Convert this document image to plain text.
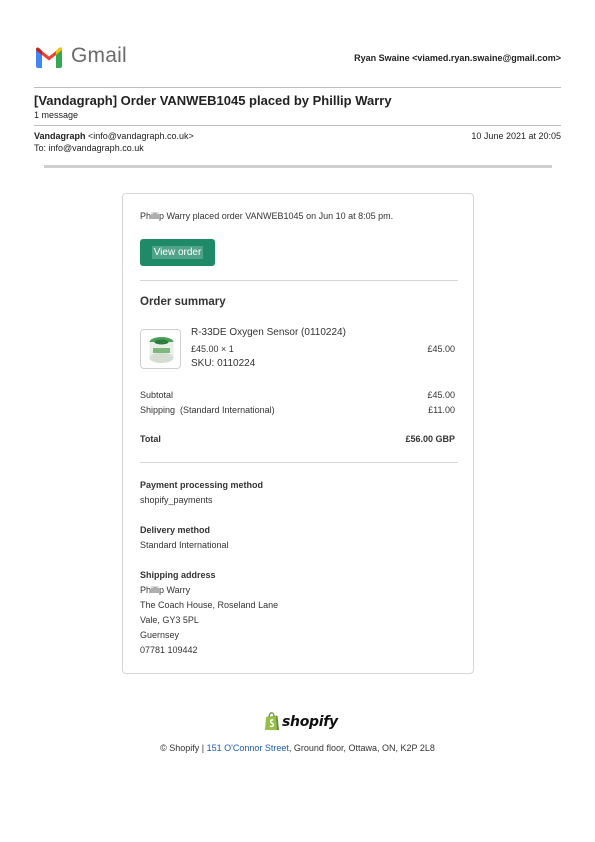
Gmail	Ryan Swaine <viamed.ryan.swaine@gmail.com>
[Vandagraph] Order VANWEB1045 placed by Phillip Warry
1 message
Vandagraph <info@vandagraph.co.uk>	10 June 2021 at 20:05
To: info@vandagraph.co.uk
Phillip Warry placed order VANWEB1045 on Jun 10 at 8:05 pm.
View order
Order summary
R-33DE Oxygen Sensor (0110224)
£45.00 × 1
SKU: 0110224
£45.00
Subtotal	£45.00
Shipping  (Standard International)	£11.00
Total	£56.00 GBP
Payment processing method
shopify_payments
Delivery method
Standard International
Shipping address
Phillip Warry
The Coach House, Roseland Lane
Vale, GY3 5PL
Guernsey
07781 109442
shopify
© Shopify | 151 O'Connor Street, Ground floor, Ottawa, ON, K2P 2L8
